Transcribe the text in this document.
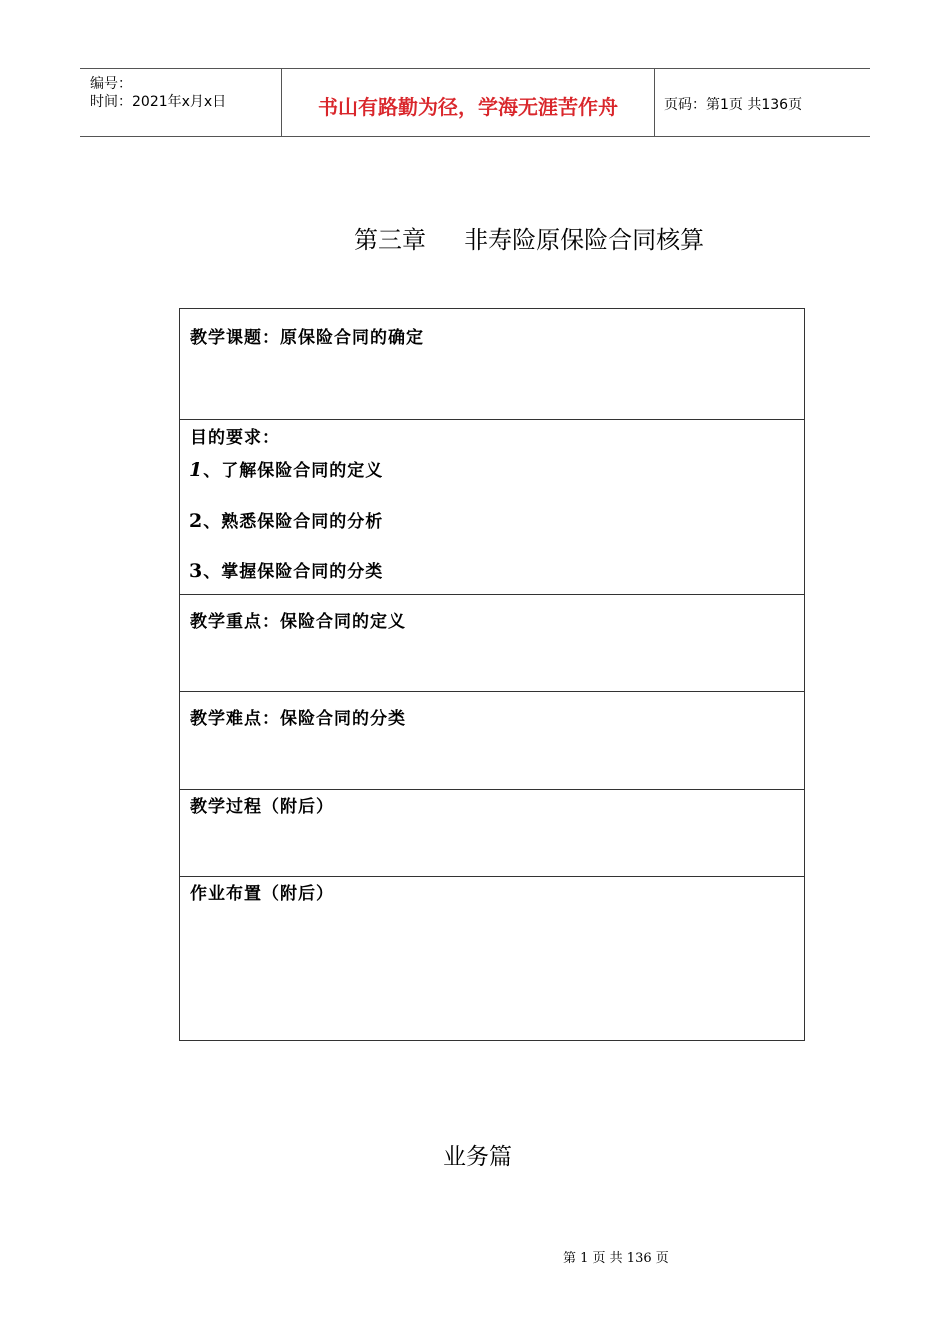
编号：
时间：2021年x月x日	书山有路勤为径，学海无涯苦作舟	页码：第1页 共136页
第三章     非寿险原保险合同核算
教学课题：原保险合同的确定
目的要求：
1、了解保险合同的定义
2、熟悉保险合同的分析
3、掌握保险合同的分类
教学重点：保险合同的定义
教学难点：保险合同的分类
教学过程（附后）
作业布置（附后）
业务篇
第 1 页 共 136 页
